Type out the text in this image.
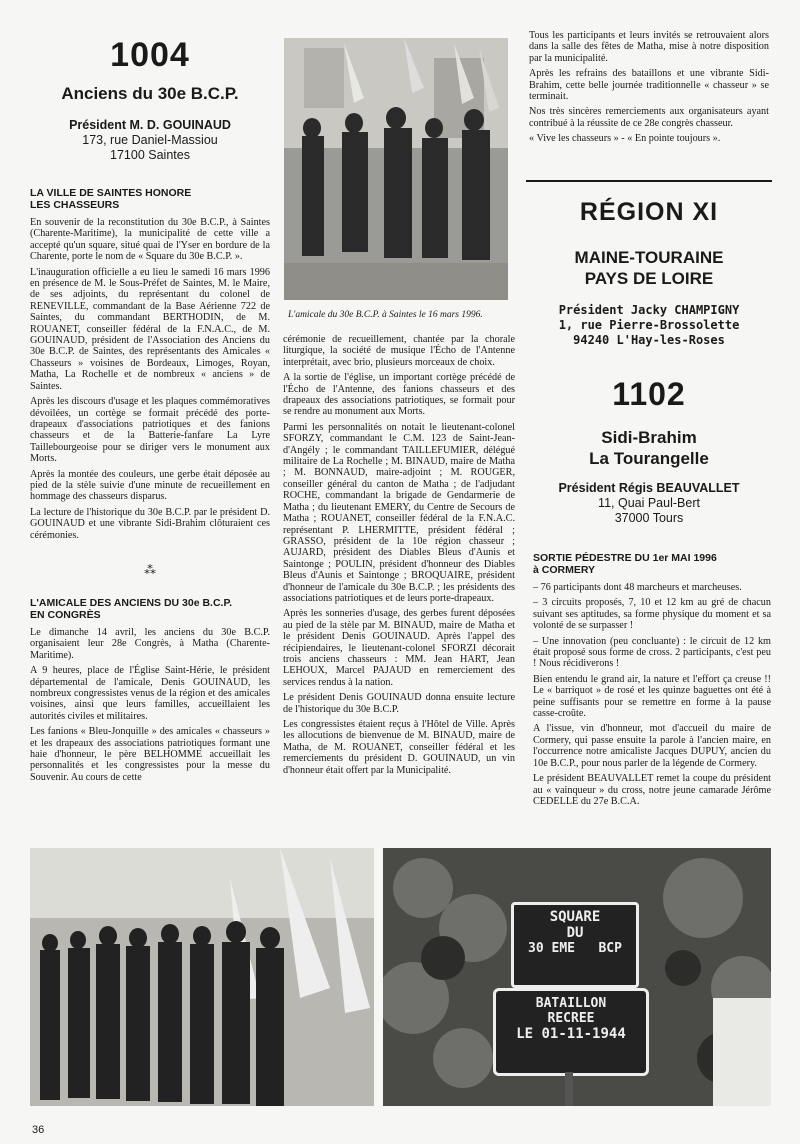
1004
Anciens du 30e B.C.P.
Président M. D. GOUINAUD
173, rue Daniel-Massiou
17100 Saintes
LA VILLE DE SAINTES HONORE
LES CHASSEURS

En souvenir de la reconstitution du 30e B.C.P., à Saintes (Charente-Maritime), la municipalité de cette ville a accepté qu'un square, situé quai de l'Yser en bordure de la Charente, porte le nom de « Square du 30e B.C.P. ».

L'inauguration officielle a eu lieu le samedi 16 mars 1996 en présence de M. le Sous-Préfet de Saintes, M. le Maire, de ses adjoints, du représentant du colonel de RENEVILLE, commandant de la Base Aérienne 722 de Saintes, du commandant BERTHODIN, de M. ROUANET, conseiller fédéral de la F.N.A.C., de M. GOUINAUD, président de l'Association des Anciens du 30e B.C.P. de Saintes, des représentants des Amicales « Chasseurs » voisines de Bordeaux, Limoges, Royan, Matha, La Rochelle et de nombreux « anciens » de Saintes.

Après les discours d'usage et les plaques commémoratives dévoilées, un cortège se formait précédé des porte-drapeaux d'associations patriotiques et des fanions chasseurs et de la Batterie-fanfare La Lyre Taillebourgeoise pour se diriger vers le monument aux Morts.

Après la montée des couleurs, une gerbe était déposée au pied de la stèle suivie d'une minute de recueillement en hommage des chasseurs disparus.

La lecture de l'historique du 30e B.C.P. par le président D. GOUINAUD et une vibrante Sidi-Brahim clôturaient ces cérémonies.

⁂
L'AMICALE DES ANCIENS DU 30e B.C.P.
EN CONGRÈS

Le dimanche 14 avril, les anciens du 30e B.C.P. organisaient leur 28e Congrès, à Matha (Charente-Maritime).

A 9 heures, place de l'Église Saint-Hérie, le président départemental de l'amicale, Denis GOUINAUD, les nombreux congressistes venus de la région et des amicales voisines, ainsi que leurs familles, accueillaient les autorités civiles et militaires.

Les fanions « Bleu-Jonquille » des amicales « chasseurs » et les drapeaux des associations patriotiques formant une haie d'honneur, le père BELHOMME accueillait les personnalités et les congressistes pour la messe du Souvenir. Au cours de cette

L'amicale du 30e B.C.P. à Saintes le 16 mars 1996.

cérémonie de recueillement, chantée par la chorale liturgique, la société de musique l'Écho de l'Antenne interprétait, avec brio, plusieurs morceaux de choix.

A la sortie de l'église, un important cortège précédé de l'Écho de l'Antenne, des fanions chasseurs et des drapeaux des associations patriotiques, se formait pour se rendre au monument aux Morts.

Parmi les personnalités on notait le lieutenant-colonel SFORZY, commandant le C.M. 123 de Saint-Jean-d'Angély ; le commandant TAILLEFUMIER, délégué militaire de La Rochelle ; M. BINAUD, maire de Matha ; M. BONNAUD, maire-adjoint ; M. ROUGER, conseiller général du canton de Matha ; de l'adjudant ROCHE, commandant la brigade de Gendarmerie de Matha ; du lieutenant EMERY, du Centre de Secours de Matha ; ROUANET, conseiller fédéral de la F.N.A.C. représentant P. LHERMITTE, président fédéral ; GRASSO, président de la 10e région chasseur ; AUJARD, président des Diables Bleus d'Aunis et Saintonge ; POULIN, président d'honneur des Diables Bleus d'Aunis et Saintonge ; BROQUAIRE, président d'honneur de l'amicale du 30e B.C.P. ; les présidents des associations patriotiques et de leurs porte-drapeaux.

Après les sonneries d'usage, des gerbes furent déposées au pied de la stèle par M. BINAUD, maire de Matha et le président Denis GOUINAUD. Après l'appel des récipiendaires, le lieutenant-colonel SFORZI décorait trois anciens chasseurs : MM. Jean HART, Jean LEHOUX, Marcel PAJAUD en remerciement des services rendus à la nation.

Le président Denis GOUINAUD donna ensuite lecture de l'historique du 30e B.C.P.

Les congressistes étaient reçus à l'Hôtel de Ville. Après les allocutions de bienvenue de M. BINAUD, maire de Matha, de M. ROUANET, conseiller fédéral et les remerciements du président D. GOUINAUD, un vin d'honneur était offert par la Municipalité.

Tous les participants et leurs invités se retrouvaient alors dans la salle des fêtes de Matha, mise à notre disposition par la municipalité.

Après les refrains des bataillons et une vibrante Sidi-Brahim, cette belle journée traditionnelle « chasseur » se terminait.

Nos très sincères remerciements aux organisateurs ayant contribué à la réussite de ce 28e congrès chasseur.

« Vive les chasseurs » - « En pointe toujours ».

RÉGION XI
MAINE-TOURAINE
PAYS DE LOIRE
Président Jacky CHAMPIGNY
1, rue Pierre-Brossolette
94240 L'Hay-les-Roses
1102
Sidi-Brahim
La Tourangelle
Président Régis BEAUVALLET
11, Quai Paul-Bert
37000 Tours
SORTIE PÉDESTRE DU 1er MAI 1996
à CORMERY

– 76 participants dont 48 marcheurs et marcheuses.

– 3 circuits proposés, 7, 10 et 12 km au gré de chacun suivant ses aptitudes, sa forme physique du moment et sa volonté de se surpasser !

– Une innovation (peu concluante) : le circuit de 12 km était proposé sous forme de cross. 2 participants, c'est peu ! Nous récidiverons !

Bien entendu le grand air, la nature et l'effort ça creuse !! Le « barriquot » de rosé et les quinze baguettes ont été à peine suffisants pour se remettre en forme à la pause casse-croûte.

A l'issue, vin d'honneur, mot d'accueil du maire de Cormery, qui passe ensuite la parole à l'ancien maire, en l'occurrence notre amicaliste Jacques DUPUY, ancien du 10e B.C.P., pour nous parler de la légende de Cormery.

Le président BEAUVALLET remet la coupe du président au « vainqueur » du cross, notre jeune camarade Jérôme CEDELLE du 27e B.C.A.

SQUARE
DU
30 EME   BCP
BATAILLON
RECREE
LE 01-11-1944
36
